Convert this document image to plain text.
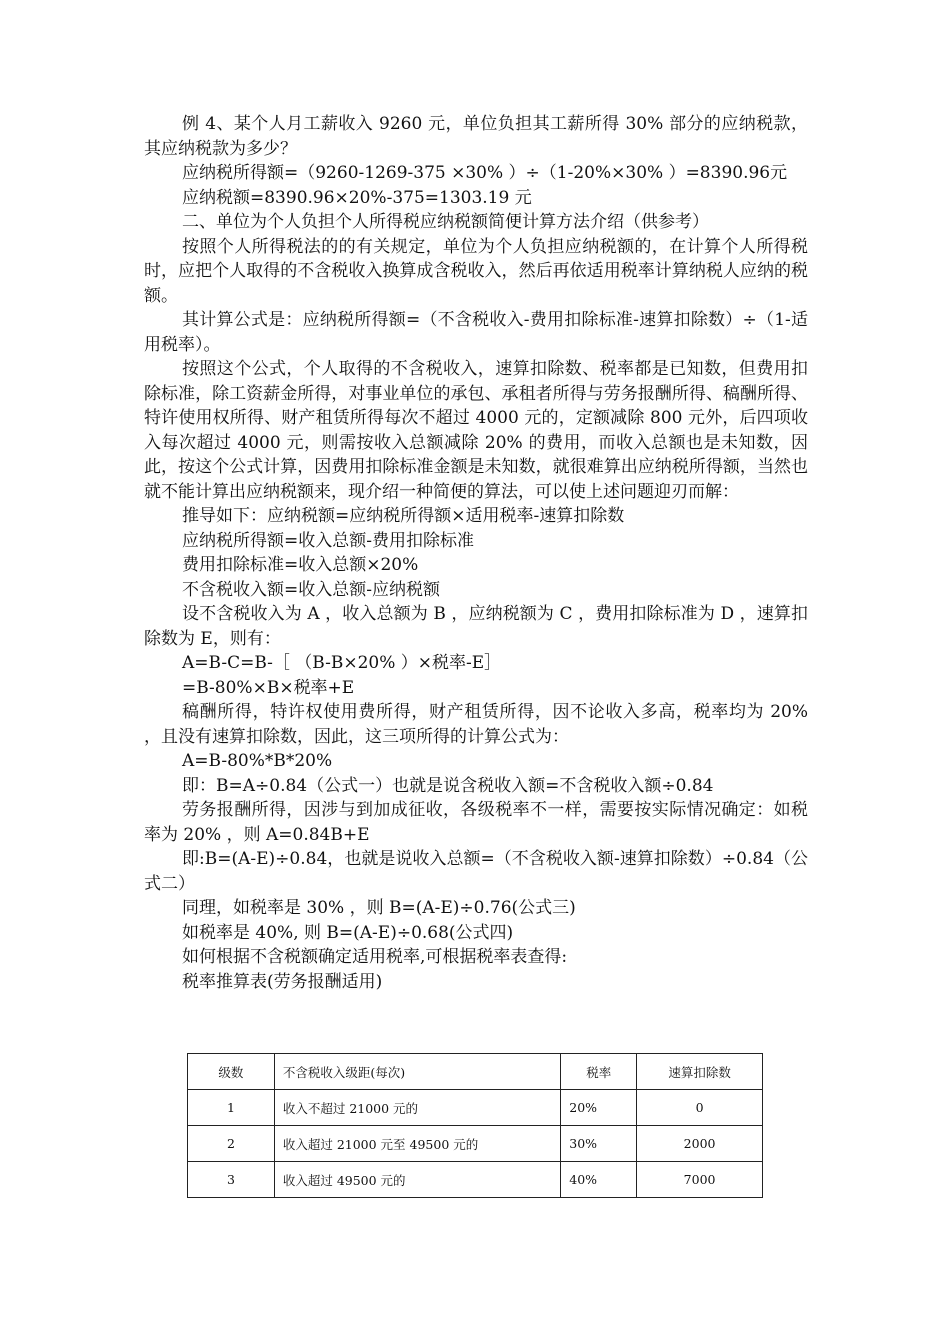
例 4、某个人月工薪收入 9260 元，单位负担其工薪所得 30% 部分的应纳税款，其应纳税款为多少？

应纳税所得额=（9260-1269-375 ×30% ）÷（1-20%×30% ）=8390.96元

应纳税额=8390.96×20%-375=1303.19 元

二、单位为个人负担个人所得税应纳税额简便计算方法介绍（供参考）

按照个人所得税法的的有关规定，单位为个人负担应纳税额的，在计算个人所得税时，应把个人取得的不含税收入换算成含税收入，然后再依适用税率计算纳税人应纳的税额。

其计算公式是：应纳税所得额=（不含税收入-费用扣除标准-速算扣除数）÷（1-适用税率）。

按照这个公式，个人取得的不含税收入，速算扣除数、税率都是已知数，但费用扣除标准，除工资薪金所得，对事业单位的承包、承租者所得与劳务报酬所得、稿酬所得、特许使用权所得、财产租赁所得每次不超过 4000 元的，定额减除 800 元外，后四项收入每次超过 4000 元，则需按收入总额减除 20% 的费用，而收入总额也是未知数，因此，按这个公式计算，因费用扣除标准金额是未知数，就很难算出应纳税所得额，当然也就不能计算出应纳税额来，现介绍一种简便的算法，可以使上述问题迎刃而解：

推导如下：应纳税额=应纳税所得额×适用税率-速算扣除数

应纳税所得额=收入总额-费用扣除标准

费用扣除标准=收入总额×20%

不含税收入额=收入总额-应纳税额

设不含税收入为 A ，收入总额为 B ，应纳税额为 C ，费用扣除标准为 D ，速算扣除数为 E，则有：

A=B-C=B-［ （B-B×20% ）×税率-E］

=B-80%×B×税率+E

稿酬所得，特许权使用费所得，财产租赁所得，因不论收入多高，税率均为 20% ，且没有速算扣除数，因此，这三项所得的计算公式为：

A=B-80%*B*20%

即：B=A÷0.84（公式一）也就是说含税收入额=不含税收入额÷0.84

劳务报酬所得，因涉与到加成征收，各级税率不一样，需要按实际情况确定：如税率为 20% ，则 A=0.84B+E

即:B=(A-E)÷0.84，也就是说收入总额=（不含税收入额-速算扣除数）÷0.84（公式二）

同理，如税率是 30% ，则 B=(A-E)÷0.76(公式三)

如税率是 40%, 则 B=(A-E)÷0.68(公式四)

如何根据不含税额确定适用税率,可根据税率表查得:

税率推算表(劳务报酬适用)

级数	不含税收入级距(每次)	税率	速算扣除数
1	收入不超过 21000 元的	20%	0
2	收入超过 21000 元至 49500 元的	30%	2000
3	收入超过 49500 元的	40%	7000
